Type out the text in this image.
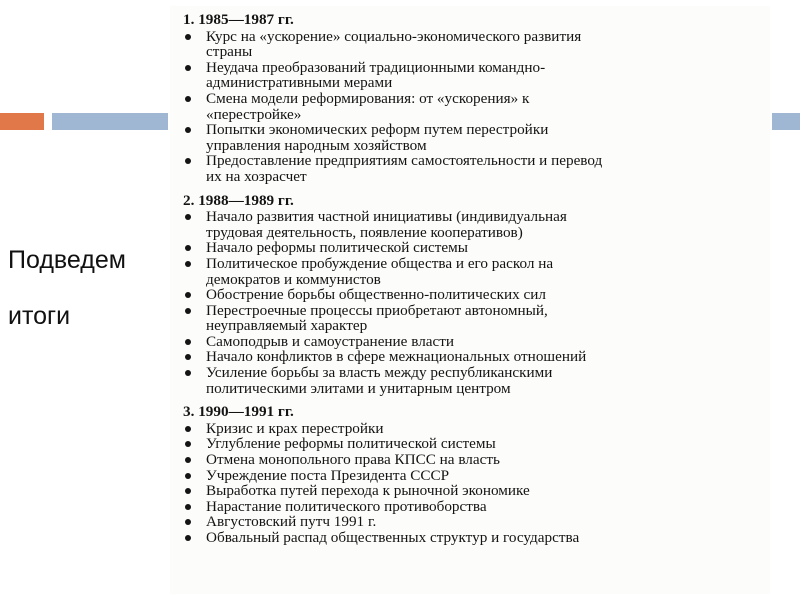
Подведем
итоги
1. 1985—1987 гг.
Курс на «ускорение» социально-экономического развития
страны
Неудача преобразований традиционными командно-
административными мерами
Смена модели реформирования: от «ускорения» к
«перестройке»
Попытки экономических реформ путем перестройки
управления народным хозяйством
Предоставление предприятиям самостоятельности и перевод
их на хозрасчет
2. 1988—1989 гг.
Начало развития частной инициативы (индивидуальная
трудовая деятельность, появление кооперативов)
Начало реформы политической системы
Политическое пробуждение общества и его раскол на
демократов и коммунистов
Обострение борьбы общественно-политических сил
Перестроечные процессы приобретают автономный,
неуправляемый характер
Самоподрыв и самоустранение власти
Начало конфликтов в сфере межнациональных отношений
Усиление борьбы за власть между республиканскими
политическими элитами и унитарным центром
3. 1990—1991 гг.
Кризис и крах перестройки
Углубление реформы политической системы
Отмена монопольного права КПСС на власть
Учреждение поста Президента СССР
Выработка путей перехода к рыночной экономике
Нарастание политического противоборства
Августовский путч 1991 г.
Обвальный распад общественных структур и государства
